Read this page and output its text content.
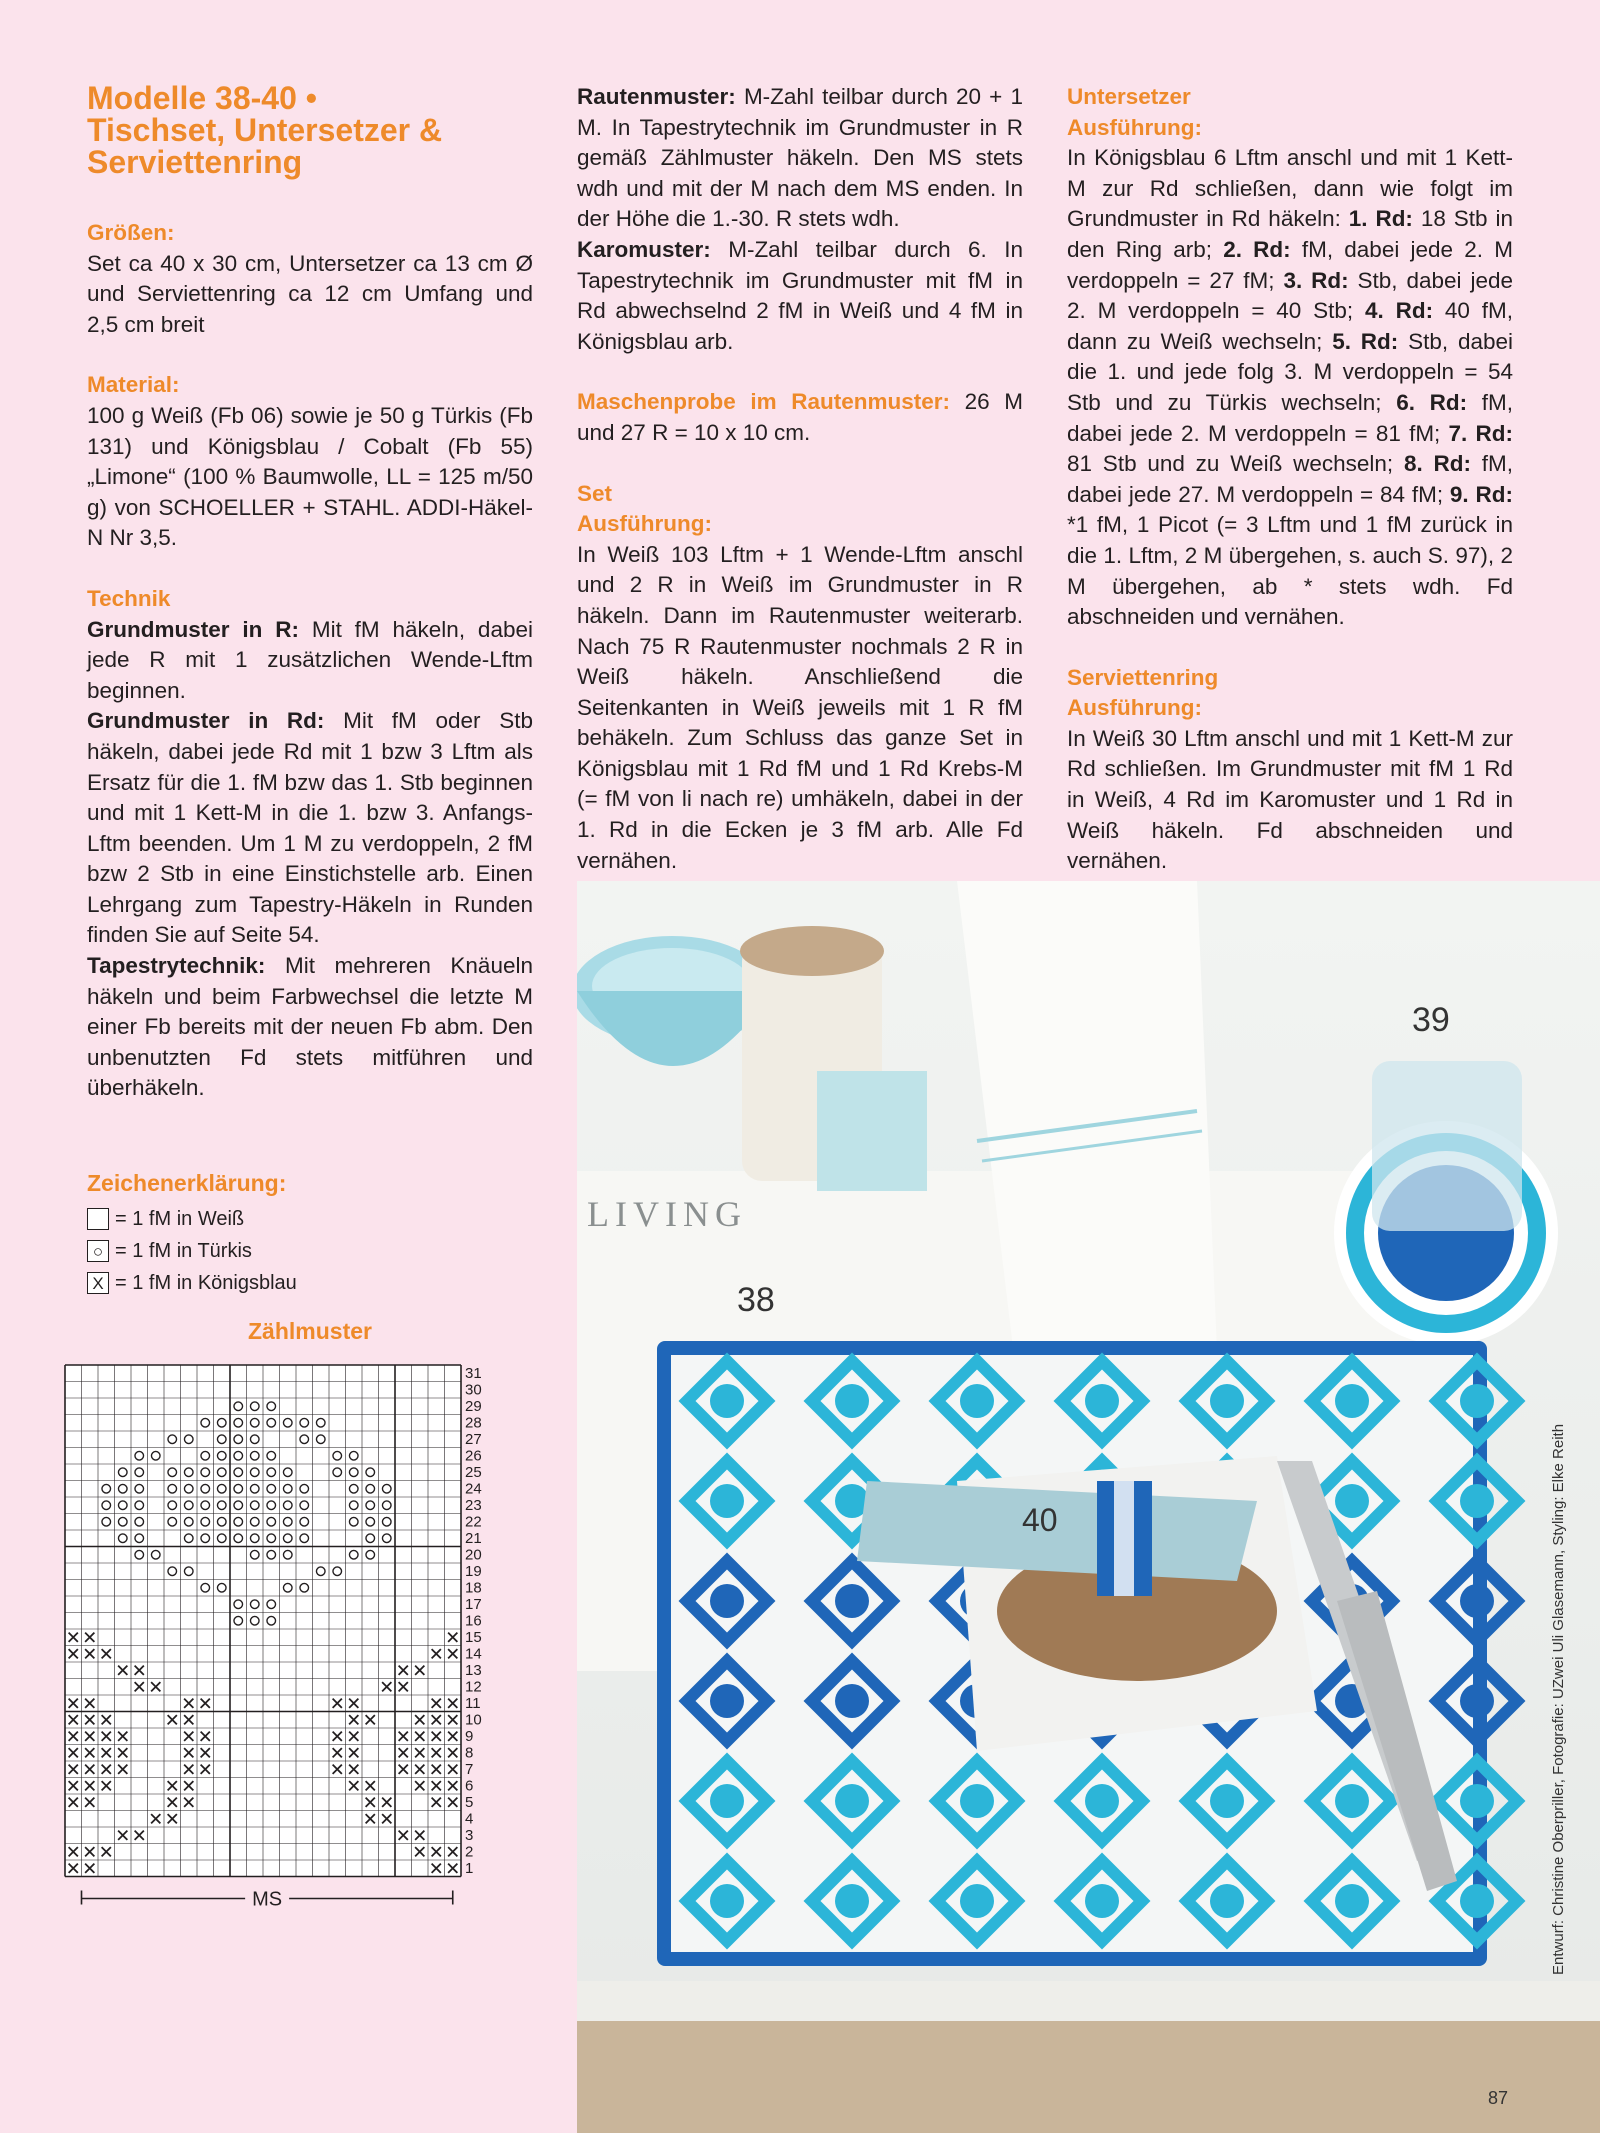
Modelle 38-40 •
Tischset, Untersetzer &
Serviettenring
Größen:

Set ca 40 x 30 cm, Untersetzer ca 13 cm Ø und Serviettenring ca 12 cm Umfang und 2,5 cm breit

Material:

100 g Weiß (Fb 06) sowie je 50 g Türkis (Fb 131) und Königsblau / Cobalt (Fb 55) „Limone“ (100 % Baumwolle, LL = 125 m/50 g) von SCHOELLER + STAHL. ADDI-Häkel-N Nr 3,5.

Technik

Grundmuster in R: Mit fM häkeln, dabei jede R mit 1 zusätzlichen Wende-Lftm beginnen.

Grundmuster in Rd: Mit fM oder Stb häkeln, dabei jede Rd mit 1 bzw 3 Lftm als Ersatz für die 1. fM bzw das 1. Stb beginnen und mit 1 Kett-M in die 1. bzw 3. Anfangs-Lftm beenden. Um 1 M zu verdoppeln, 2 fM bzw 2 Stb in eine Einstichstelle arb. Einen Lehrgang zum Tapestry-Häkeln in Runden finden Sie auf Seite 54.

Tapestrytechnik: Mit mehreren Knäueln häkeln und beim Farbwechsel die letzte M einer Fb bereits mit der neuen Fb abm. Den unbenutzten Fd stets mitführen und überhäkeln.

Zeichenerklärung:
= 1 fM in Weiß
○ = 1 fM in Türkis
X = 1 fM in Königsblau
Zählmuster
31
30
29
28
27
26
25
24
23
22
21
20
19
18
17
16
15
14
13
12
11
10
9
8
7
6
5
4
3
2
1
MS

Rautenmuster: M-Zahl teilbar durch 20 + 1 M. In Tapestrytechnik im Grundmuster in R gemäß Zählmuster häkeln. Den MS stets wdh und mit der M nach dem MS enden. In der Höhe die 1.-30. R stets wdh.

Karomuster: M-Zahl teilbar durch 6. In Tapestrytechnik im Grundmuster mit fM in Rd abwechselnd 2 fM in Weiß und 4 fM in Königsblau arb.

Maschenprobe im Rautenmuster: 26 M und 27 R = 10 x 10 cm.

Set
Ausführung:

In Weiß 103 Lftm + 1 Wende-Lftm anschl und 2 R in Weiß im Grundmuster in R häkeln. Dann im Rautenmuster weiterarb. Nach 75 R Rautenmuster nochmals 2 R in Weiß häkeln. Anschließend die Seitenkanten in Weiß jeweils mit 1 R fM behäkeln. Zum Schluss das ganze Set in Königsblau mit 1 Rd fM und 1 Rd Krebs-M (= fM von li nach re) umhäkeln, dabei in der 1. Rd in die Ecken je 3 fM arb. Alle Fd vernähen.

Untersetzer
Ausführung:

In Königsblau 6 Lftm anschl und mit 1 Kett-M zur Rd schließen, dann wie folgt im Grundmuster in Rd häkeln: 1. Rd: 18 Stb in den Ring arb; 2. Rd: fM, dabei jede 2. M verdoppeln = 27 fM; 3. Rd: Stb, dabei jede 2. M verdoppeln = 40 Stb; 4. Rd: 40 fM, dann zu Weiß wechseln; 5. Rd: Stb, dabei die 1. und jede folg 3. M verdoppeln = 54 Stb und zu Türkis wechseln; 6. Rd: fM, dabei jede 2. M verdoppeln = 81 fM; 7. Rd: 81 Stb und zu Weiß wechseln; 8. Rd: fM, dabei jede 27. M verdoppeln = 84 fM; 9. Rd: *1 fM, 1 Picot (= 3 Lftm und 1 fM zurück in die 1. Lftm, 2 M übergehen, s. auch S. 97), 2 M übergehen, ab * stets wdh. Fd abschneiden und vernähen.

Serviettenring
Ausführung:

In Weiß 30 Lftm anschl und mit 1 Kett-M zur Rd schließen. Im Grundmuster mit fM 1 Rd in Weiß, 4 Rd im Karomuster und 1 Rd in Weiß häkeln. Fd abschneiden und vernähen.

LIVING
39
38
40	Entwurf: Christine Oberpriller, Fotografie: UZwei Uli Glasemann, Styling: Elke Reith
87
